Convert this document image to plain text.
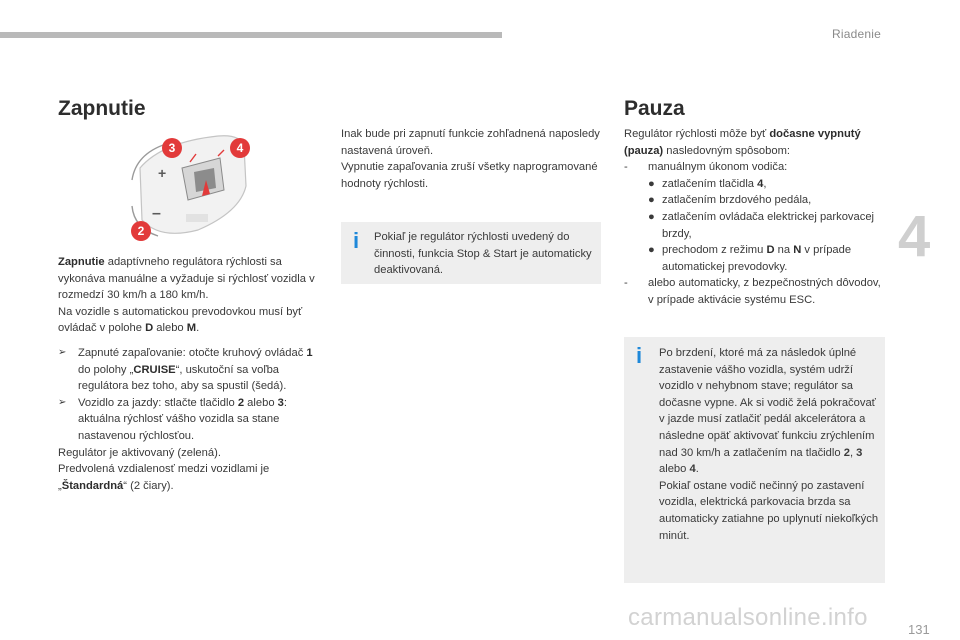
Riadenie
4
131
carmanualsonline.info
Zapnutie
+
–
3	4
2

Zapnutie adaptívneho regulátora rýchlosti sa vykonáva manuálne a vyžaduje si rýchlosť vozidla v rozmedzí 30 km/h a 180 km/h.

Na vozidle s automatickou prevodovkou musí byť ovládač v polohe D alebo M.

➢ Zapnuté zapaľovanie: otočte kruhový ovládač 1 do polohy „CRUISE“, uskutoční sa voľba regulátora bez toho, aby sa spustil (šedá).
➢ Vozidlo za jazdy: stlačte tlačidlo 2 alebo 3: aktuálna rýchlosť vášho vozidla sa stane nastavenou rýchlosťou.

Regulátor je aktivovaný (zelená).

Predvolená vzdialenosť medzi vozidlami je „Štandardná“ (2 čiary).

Inak bude pri zapnutí funkcie zohľadnená naposledy nastavená úroveň.

Vypnutie zapaľovania zruší všetky naprogramované hodnoty rýchlosti.

i Pokiaľ je regulátor rýchlosti uvedený do činnosti, funkcia Stop & Start je automaticky deaktivovaná.
Pauza

Regulátor rýchlosti môže byť dočasne vypnutý (pauza) nasledovným spôsobom:

- manuálnym úkonom vodiča:
● zatlačením tlačidla 4,
● zatlačením brzdového pedála,
● zatlačením ovládača elektrickej parkovacej brzdy,
● prechodom z režimu D na N v prípade automatickej prevodovky.
- alebo automaticky, z bezpečnostných dôvodov, v prípade aktivácie systému ESC.
i Po brzdení, ktoré má za následok úplné zastavenie vášho vozidla, systém udrží vozidlo v nehybnom stave; regulátor sa dočasne vypne. Ak si vodič želá pokračovať v jazde musí zatlačiť pedál akcelerátora a následne opäť aktivovať funkciu zrýchlením nad 30 km/h a zatlačením na tlačidlo 2, 3 alebo 4.

Pokiaľ ostane vodič nečinný po zastavení vozidla, elektrická parkovacia brzda sa automaticky zatiahne po uplynutí niekoľkých minút.
